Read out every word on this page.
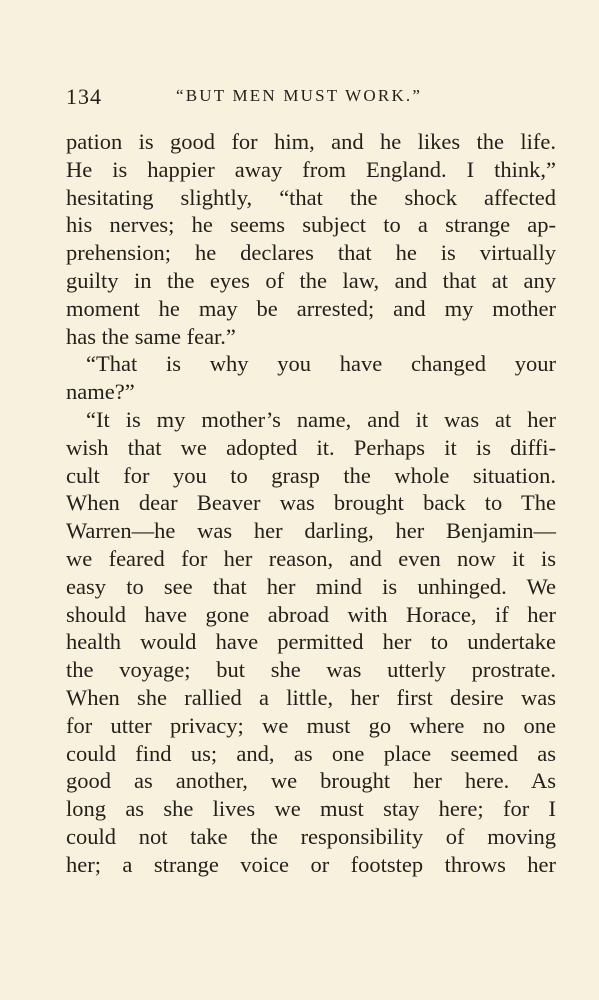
134	“BUT MEN MUST WORK.”
pation is good for him, and he likes the life.
He is happier away from England. I think,”
hesitating slightly, “that the shock affected
his nerves; he seems subject to a strange ap-
prehension; he declares that he is virtually
guilty in the eyes of the law, and that at any
moment he may be arrested; and my mother
has the same fear.”
“That is why you have changed your
name?”
“It is my mother’s name, and it was at her
wish that we adopted it. Perhaps it is diffi-
cult for you to grasp the whole situation.
When dear Beaver was brought back to The
Warren—he was her darling, her Benjamin—
we feared for her reason, and even now it is
easy to see that her mind is unhinged. We
should have gone abroad with Horace, if her
health would have permitted her to undertake
the voyage; but she was utterly prostrate.
When she rallied a little, her first desire was
for utter privacy; we must go where no one
could find us; and, as one place seemed as
good as another, we brought her here. As
long as she lives we must stay here; for I
could not take the responsibility of moving
her; a strange voice or footstep throws her
